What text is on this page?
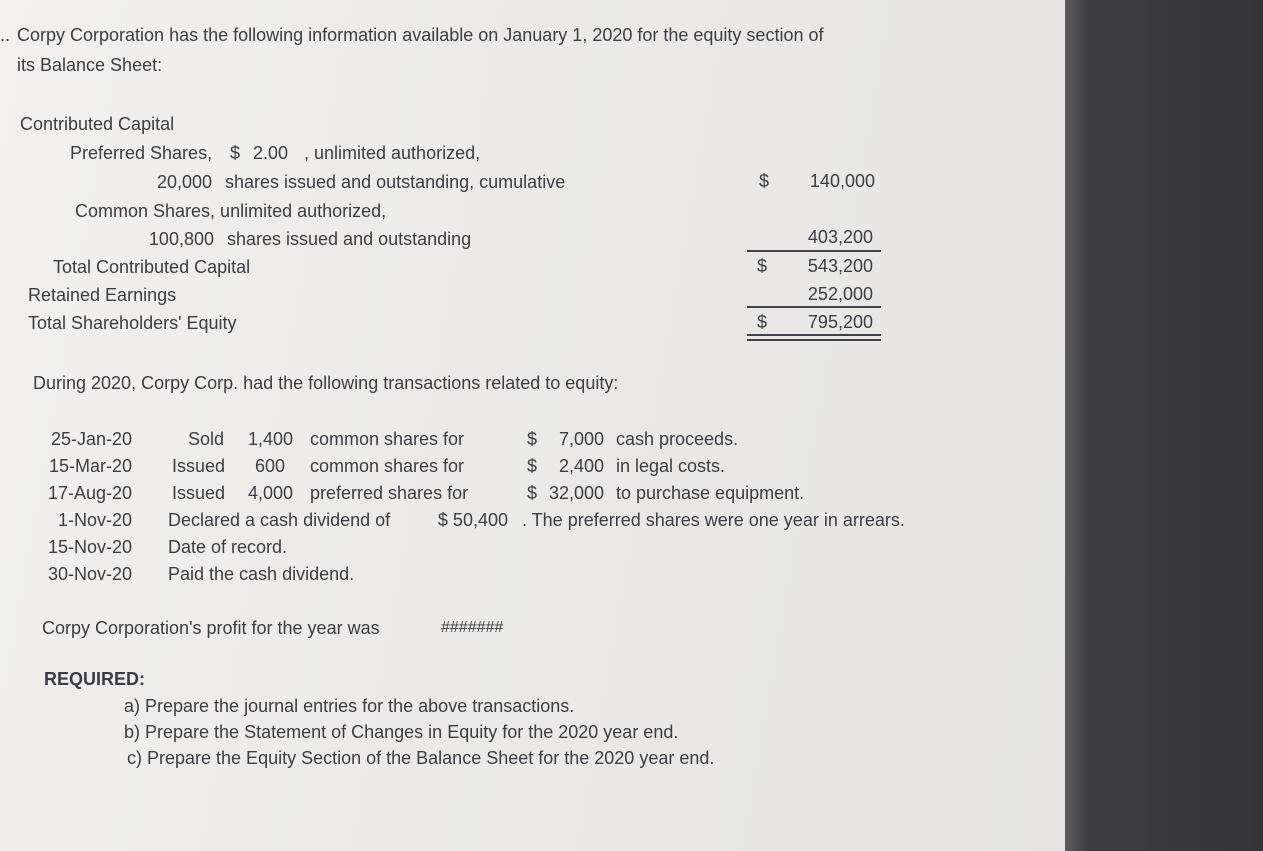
.. Corpy Corporation has the following information available on January 1, 2020 for the equity section of
its Balance Sheet:
Contributed Capital
Preferred Shares, $ 2.00 , unlimited authorized,
20,000 shares issued and outstanding, cumulative	$	140,000
Common Shares, unlimited authorized,
100,800 shares issued and outstanding	403,200
Total Contributed Capital	$	543,200
Retained Earnings	252,000
Total Shareholders' Equity	$	795,200
During 2020, Corpy Corp. had the following transactions related to equity:
25-Jan-20	Sold	1,400 common shares for	$	7,000 cash proceeds.
15-Mar-20 Issued	600 common shares for	$	2,400 in legal costs.
17-Aug-20 Issued	4,000 preferred shares for	$ 32,000 to purchase equipment.
1-Nov-20 Declared a cash dividend of	$ 50,400 . The preferred shares were one year in arrears.
15-Nov-20 Date of record.
30-Nov-20 Paid the cash dividend.
Corpy Corporation's profit for the year was	#######
REQUIRED:
a) Prepare the journal entries for the above transactions.
b) Prepare the Statement of Changes in Equity for the 2020 year end.
c) Prepare the Equity Section of the Balance Sheet for the 2020 year end.
